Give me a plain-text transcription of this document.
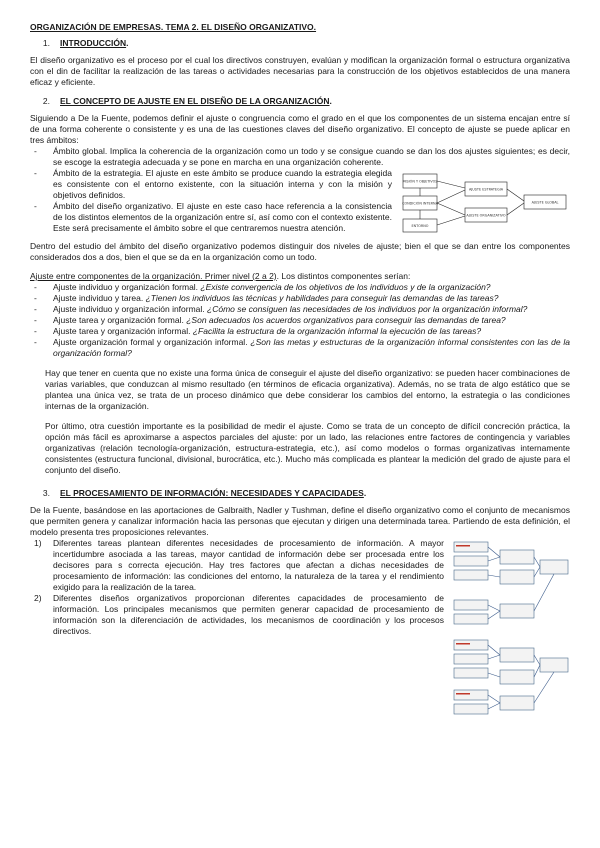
ORGANIZACIÓN DE EMPRESAS. TEMA 2. EL DISEÑO ORGANIZATIVO.

1. INTRODUCCIÓN.

El diseño organizativo es el proceso por el cual los directivos construyen, evalúan y modifican la organización formal o estructura organizativa con el din de facilitar la realización de las tareas o actividades necesarias para la construcción de los objetivos establecidos de una manera eficaz y eficiente.

2. EL CONCEPTO DE AJUSTE EN EL DISEÑO DE LA ORGANIZACIÓN.

Siguiendo a De la Fuente, podemos definir el ajuste o congruencia como el grado en el que los componentes de un sistema encajan entre sí de una forma coherente o consistente y es una de las cuestiones claves del diseño organizativo. El concepto de ajuste se puede aplicar en tres ámbitos:

- Ámbito global. Implica la coherencia de la organización como un todo y se consigue cuando se dan los dos ajustes siguientes; es decir, se escoge la estrategia adecuada y se pone en marcha en una organización coherente.
MISIÓN Y OBJETIVOS
CONDICIÓN INTERNA
ENTORNO
AJUSTE ESTRATEGIA
AJUSTE ORGANIZATIVO
AJUSTE GLOBAL
- Ámbito de la estrategia. El ajuste en este ámbito se produce cuando la estrategia elegida es consistente con el entorno existente, con la situación interna y con la misión y objetivos definidos.
- Ámbito del diseño organizativo. El ajuste en este caso hace referencia a la consistencia de los distintos elementos de la organización entre sí, así como con el contexto existente. Este será precisamente el ámbito sobre el que centraremos nuestra atención.

Dentro del estudio del ámbito del diseño organizativo podemos distinguir dos niveles de ajuste; bien el que se dan entre los componentes considerados dos a dos, bien el que se da en la organización como un todo.

Ajuste entre componentes de la organización. Primer nivel (2 a 2). Los distintos componentes serían:

- Ajuste individuo y organización formal. ¿Existe convergencia de los objetivos de los individuos y de la organización?
- Ajuste individuo y tarea. ¿Tienen los individuos las técnicas y habilidades para conseguir las demandas de las tareas?
- Ajuste individuo y organización informal. ¿Cómo se consiguen las necesidades de los individuos por la organización informal?
- Ajuste tarea y organización formal. ¿Son adecuados los acuerdos organizativos para conseguir las demandas de tarea?
- Ajuste tarea y organización informal. ¿Facilita la estructura de la organización informal la ejecución de las tareas?
- Ajuste organización formal y organización informal. ¿Son las metas y estructuras de la organización informal consistentes con las de la organización formal?

Hay que tener en cuenta que no existe una forma única de conseguir el ajuste del diseño organizativo: se pueden hacer combinaciones de varias variables, que conduzcan al mismo resultado (en términos de eficacia organizativa). Además, no se trata de algo estático que se plantea una única vez, se trata de un proceso dinámico que debe considerar los cambios del entorno, la estrategia o las condiciones internas de la organización.

Por último, otra cuestión importante es la posibilidad de medir el ajuste. Como se trata de un concepto de difícil concreción práctica, la opción más fácil es aproximarse a aspectos parciales del ajuste: por un lado, las relaciones entre factores de contingencia y variables organizativas (relación tecnología-organización, estructura-estrategia, etc.), así como modelos o formas organizativas internamente consistentes (estructura funcional, divisional, burocrática, etc.). Mucho más complicada es plantear la medición del grado de ajuste para el conjunto del diseño.

3. EL PROCESAMIENTO DE INFORMACIÓN: NECESIDADES Y CAPACIDADES.

De la Fuente, basándose en las aportaciones de Galbraith, Nadler y Tushman, define el diseño organizativo como el conjunto de mecanismos que permiten genera y canalizar información hacia las personas que ejecutan y dirigen una determinada tarea. Partiendo de esta definición, el modelo presenta tres proposiciones relevantes.

1) Diferentes tareas plantean diferentes necesidades de procesamiento de información. A mayor incertidumbre asociada a las tareas, mayor cantidad de información debe ser procesada entre los decisores para s correcta ejecución. Hay tres factores que afectan a dichas necesidades de procesamiento de información: las condiciones del entorno, la naturaleza de la tarea y el rendimiento exigido para la realización de la tarea.
2) Diferentes diseños organizativos proporcionan diferentes capacidades de procesamiento de información. Los principales mecanismos que permiten generar capacidad de procesamiento de información son la diferenciación de actividades, los mecanismos de coordinación y los procesos directivos.
